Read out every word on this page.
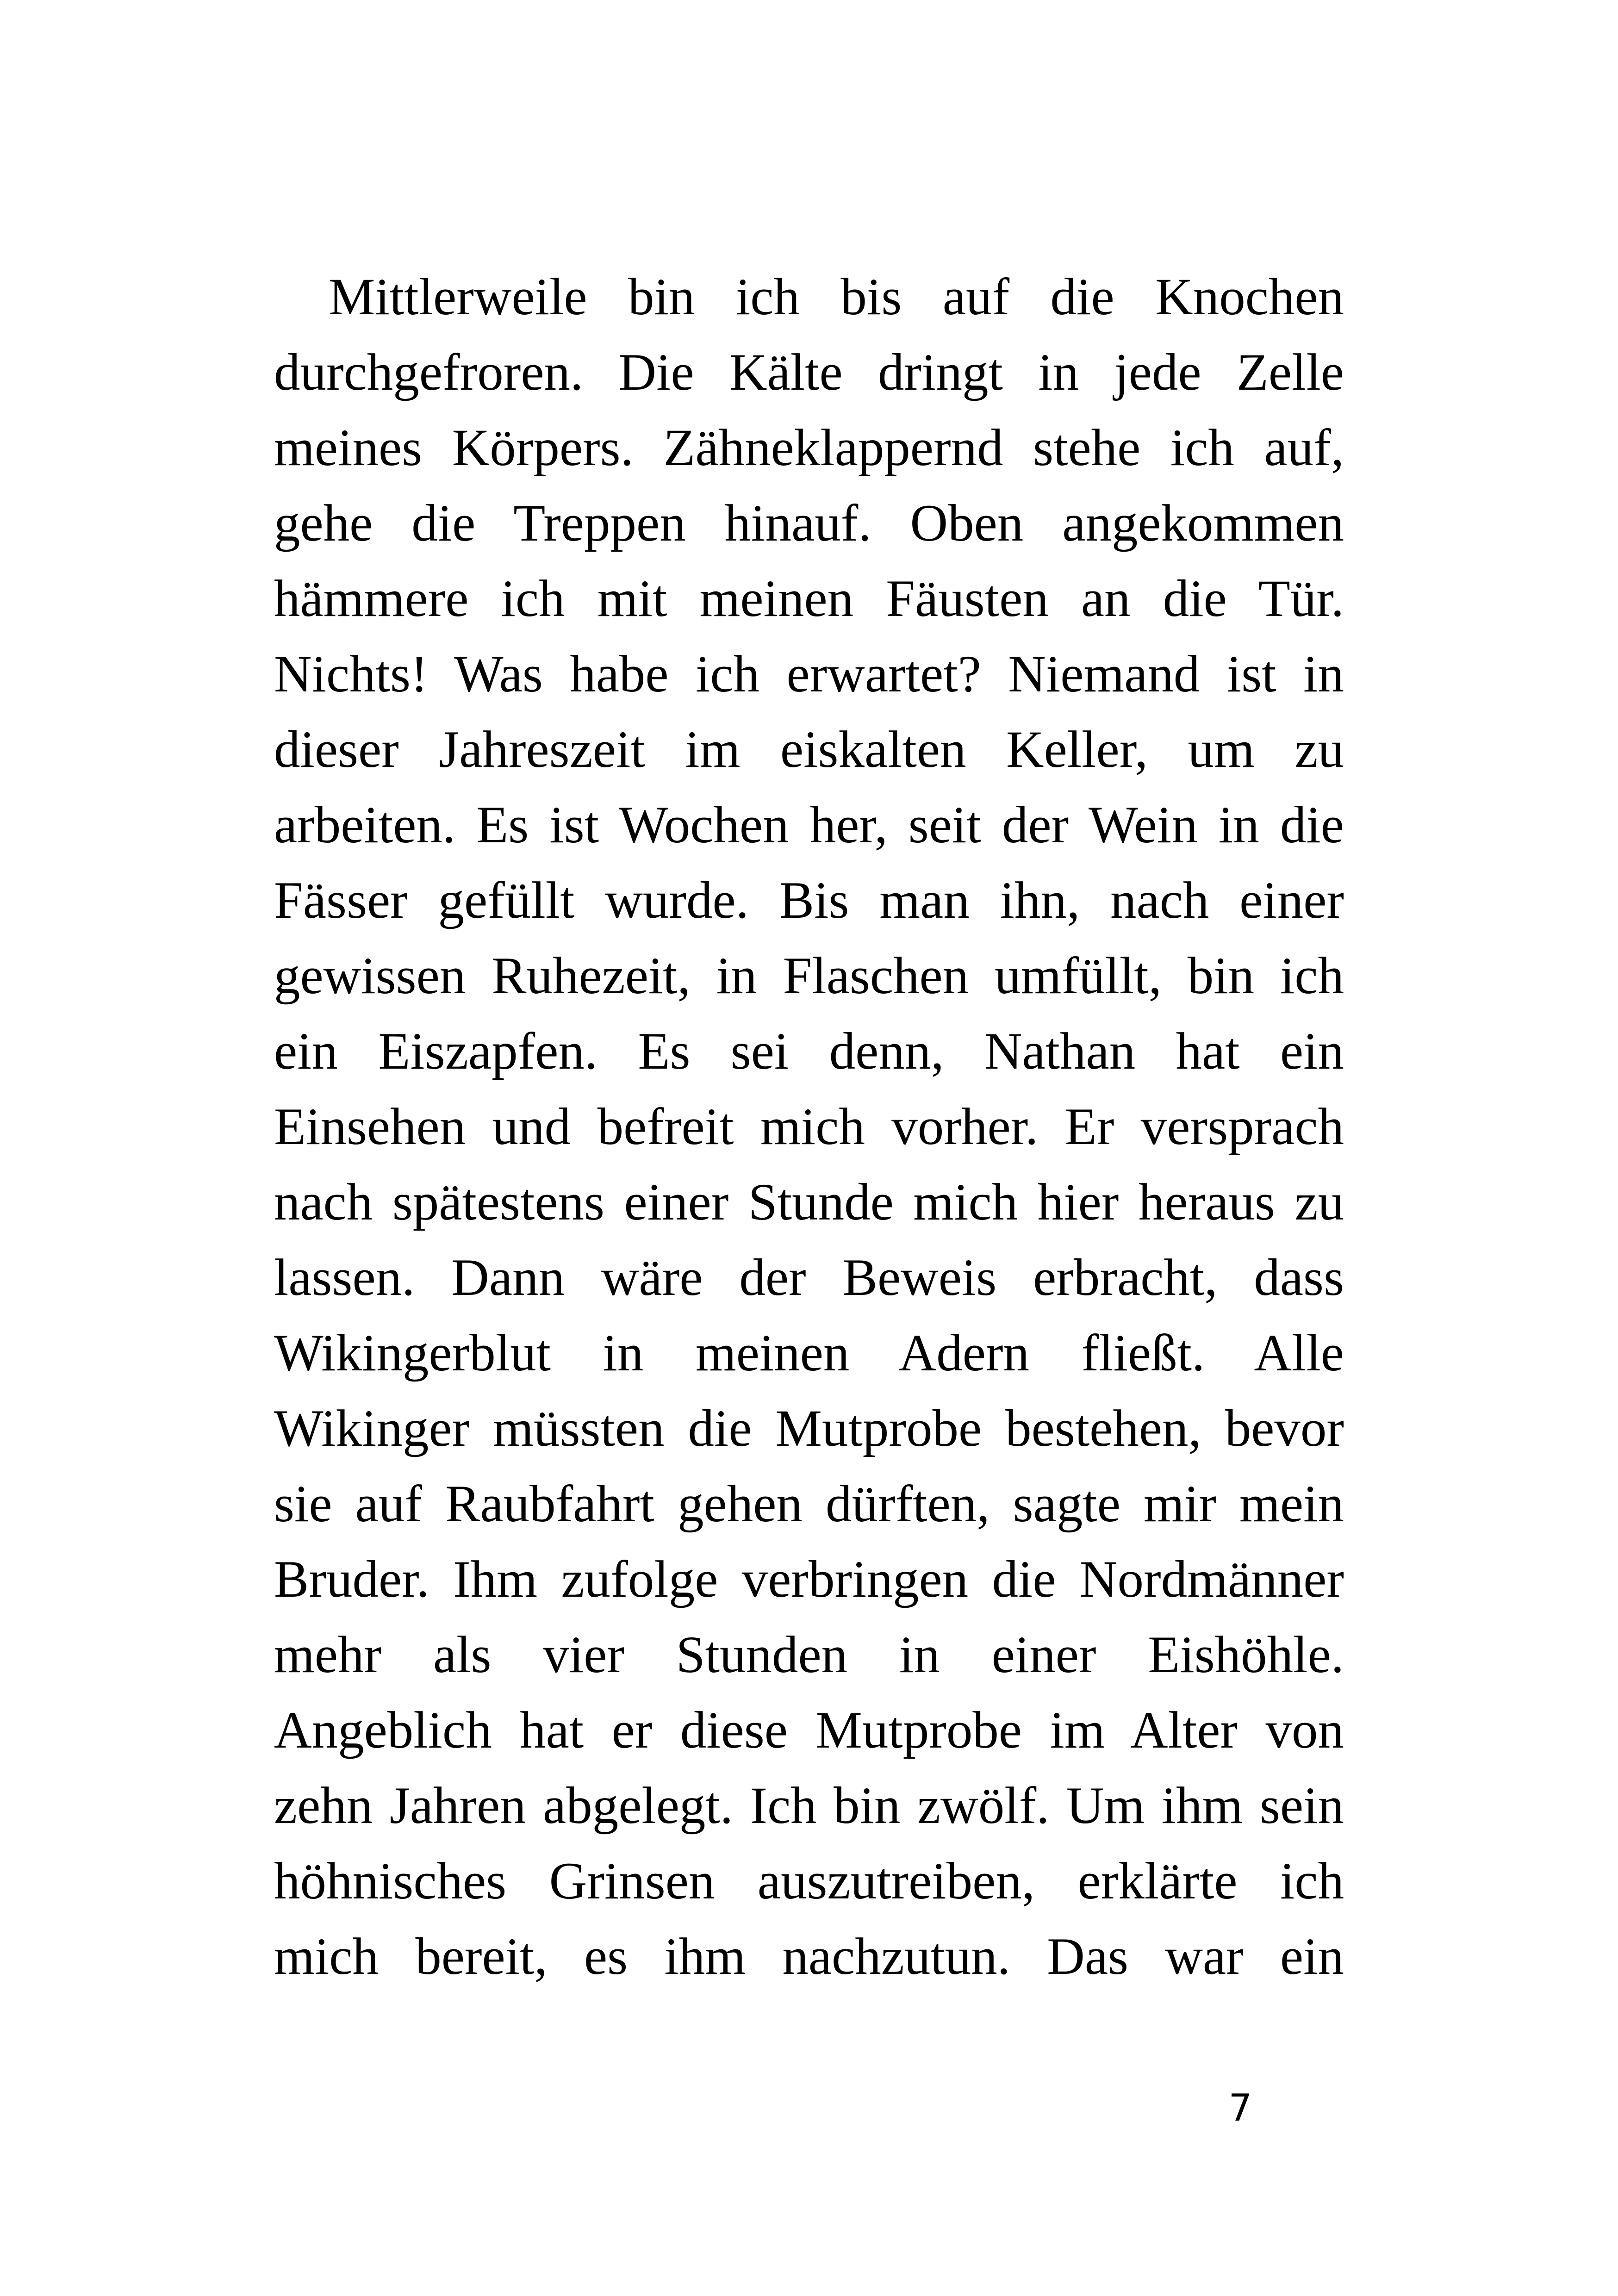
Mittlerweile bin ich bis auf die Knochen
durchgefroren. Die Kälte dringt in jede Zelle
meines Körpers. Zähneklappernd stehe ich auf,
gehe die Treppen hinauf. Oben angekommen
hämmere ich mit meinen Fäusten an die Tür.
Nichts! Was habe ich erwartet? Niemand ist in
dieser Jahreszeit im eiskalten Keller, um zu
arbeiten. Es ist Wochen her, seit der Wein in die
Fässer gefüllt wurde. Bis man ihn, nach einer
gewissen Ruhezeit, in Flaschen umfüllt, bin ich
ein Eiszapfen. Es sei denn, Nathan hat ein
Einsehen und befreit mich vorher. Er versprach
nach spätestens einer Stunde mich hier heraus zu
lassen. Dann wäre der Beweis erbracht, dass
Wikingerblut in meinen Adern fließt. Alle
Wikinger müssten die Mutprobe bestehen, bevor
sie auf Raubfahrt gehen dürften, sagte mir mein
Bruder. Ihm zufolge verbringen die Nordmänner
mehr als vier Stunden in einer Eishöhle.
Angeblich hat er diese Mutprobe im Alter von
zehn Jahren abgelegt. Ich bin zwölf. Um ihm sein
höhnisches Grinsen auszutreiben, erklärte ich
mich bereit, es ihm nachzutun. Das war ein
7
